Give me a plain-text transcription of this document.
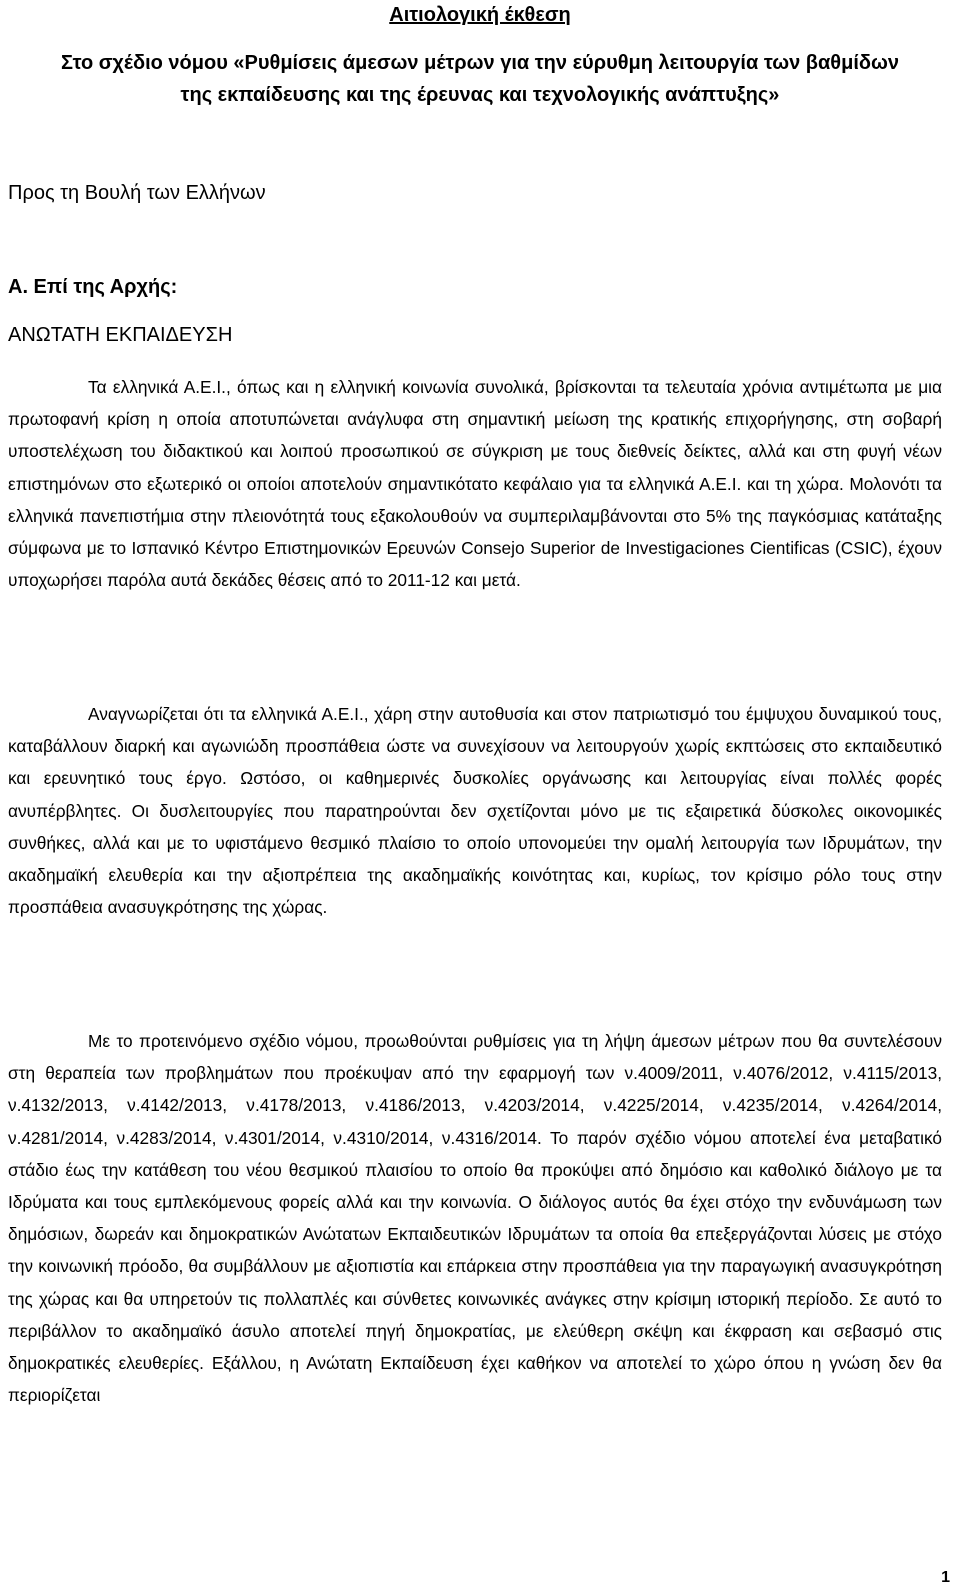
Αιτιολογική έκθεση
Στο σχέδιο νόμου «Ρυθμίσεις άμεσων μέτρων για την εύρυθμη λειτουργία των βαθμίδων
της εκπαίδευσης και της έρευνας και τεχνολογικής ανάπτυξης»
Προς τη Βουλή των Ελλήνων
Α. Επί της Αρχής:
ΑΝΩΤΑΤΗ ΕΚΠΑΙΔΕΥΣΗ

Τα ελληνικά Α.Ε.Ι., όπως και η ελληνική κοινωνία συνολικά, βρίσκονται τα τελευταία χρόνια αντιμέτωπα με μια πρωτοφανή κρίση η οποία αποτυπώνεται ανάγλυφα στη σημαντική μείωση της κρατικής επιχορήγησης, στη σοβαρή υποστελέχωση του διδακτικού και λοιπού προσωπικού σε σύγκριση με τους διεθνείς δείκτες, αλλά και στη φυγή νέων επιστημόνων στο εξωτερικό οι οποίοι αποτελούν σημαντικότατο κεφάλαιο για τα ελληνικά Α.Ε.Ι. και τη χώρα. Μολονότι τα ελληνικά πανεπιστήμια στην πλειονότητά τους εξακολουθούν να συμπεριλαμβάνονται στο 5% της παγκόσμιας κατάταξης σύμφωνα με το Ισπανικό Κέντρο Επιστημονικών Ερευνών Consejo Superior de Investigaciones Cientificas (CSIC), έχουν υποχωρήσει παρόλα αυτά δεκάδες θέσεις από το 2011-12 και μετά.

Αναγνωρίζεται ότι τα ελληνικά Α.Ε.Ι., χάρη στην αυτοθυσία και στον πατριωτισμό του έμψυχου δυναμικού τους, καταβάλλουν διαρκή και αγωνιώδη προσπάθεια ώστε να συνεχίσουν να λειτουργούν χωρίς εκπτώσεις στο εκπαιδευτικό και ερευνητικό τους έργο. Ωστόσο, οι καθημερινές δυσκολίες οργάνωσης και λειτουργίας είναι πολλές φορές ανυπέρβλητες. Οι δυσλειτουργίες που παρατηρούνται δεν σχετίζονται μόνο με τις εξαιρετικά δύσκολες οικονομικές συνθήκες, αλλά και με το υφιστάμενο θεσμικό πλαίσιο το οποίο υπονομεύει την ομαλή λειτουργία των Ιδρυμάτων, την ακαδημαϊκή ελευθερία και την αξιοπρέπεια της ακαδημαϊκής κοινότητας και, κυρίως, τον κρίσιμο ρόλο τους στην προσπάθεια ανασυγκρότησης της χώρας.

Με το προτεινόμενο σχέδιο νόμου, προωθούνται ρυθμίσεις για τη λήψη άμεσων μέτρων που θα συντελέσουν στη θεραπεία των προβλημάτων που προέκυψαν από την εφαρμογή των ν.4009/2011, ν.4076/2012, ν.4115/2013, ν.4132/2013, ν.4142/2013, ν.4178/2013, ν.4186/2013, ν.4203/2014, ν.4225/2014, ν.4235/2014, ν.4264/2014, ν.4281/2014, ν.4283/2014, ν.4301/2014, ν.4310/2014, ν.4316/2014. Το παρόν σχέδιο νόμου αποτελεί ένα μεταβατικό στάδιο έως την κατάθεση του νέου θεσμικού πλαισίου το οποίο θα προκύψει από δημόσιο και καθολικό διάλογο με τα Ιδρύματα και τους εμπλεκόμενους φορείς αλλά και την κοινωνία. Ο διάλογος αυτός θα έχει στόχο την ενδυνάμωση των δημόσιων, δωρεάν και δημοκρατικών Ανώτατων Εκπαιδευτικών Ιδρυμάτων τα οποία θα επεξεργάζονται λύσεις με στόχο την κοινωνική πρόοδο, θα συμβάλλουν με αξιοπιστία και επάρκεια στην προσπάθεια για την παραγωγική ανασυγκρότηση της χώρας και θα υπηρετούν τις πολλαπλές και σύνθετες κοινωνικές ανάγκες στην κρίσιμη ιστορική περίοδο. Σε αυτό το περιβάλλον το ακαδημαϊκό άσυλο αποτελεί πηγή δημοκρατίας, με ελεύθερη σκέψη και έκφραση και σεβασμό στις δημοκρατικές ελευθερίες. Εξάλλου, η Ανώτατη Εκπαίδευση έχει καθήκον να αποτελεί το χώρο όπου η γνώση δεν θα περιορίζεται

1
